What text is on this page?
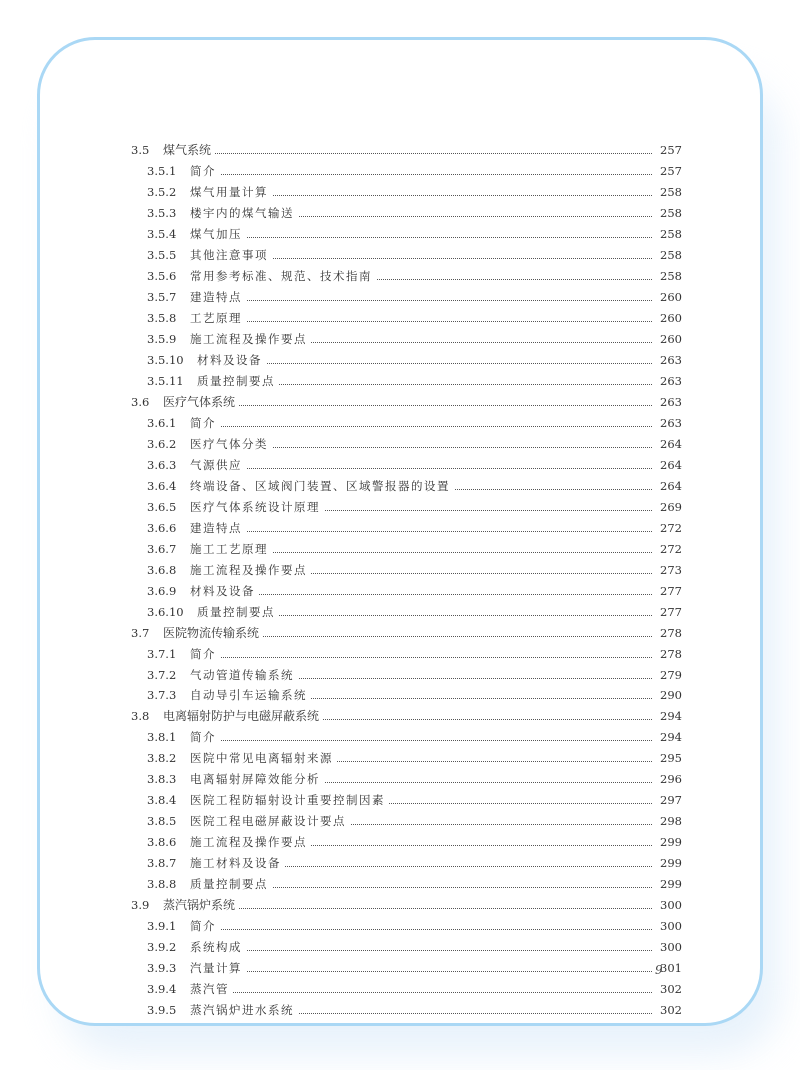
3.5 煤气系统	257
3.5.1 简介	257
3.5.2 煤气用量计算	258
3.5.3 楼宇内的煤气输送	258
3.5.4 煤气加压	258
3.5.5 其他注意事项	258
3.5.6 常用参考标准、规范、技术指南	258
3.5.7 建造特点	260
3.5.8 工艺原理	260
3.5.9 施工流程及操作要点	260
3.5.10 材料及设备	263
3.5.11 质量控制要点	263
3.6 医疗气体系统	263
3.6.1 简介	263
3.6.2 医疗气体分类	264
3.6.3 气源供应	264
3.6.4 终端设备、区域阀门装置、区域警报器的设置	264
3.6.5 医疗气体系统设计原理	269
3.6.6 建造特点	272
3.6.7 施工工艺原理	272
3.6.8 施工流程及操作要点	273
3.6.9 材料及设备	277
3.6.10 质量控制要点	277
3.7 医院物流传输系统	278
3.7.1 简介	278
3.7.2 气动管道传输系统	279
3.7.3 自动导引车运输系统	290
3.8 电离辐射防护与电磁屏蔽系统	294
3.8.1 简介	294
3.8.2 医院中常见电离辐射来源	295
3.8.3 电离辐射屏障效能分析	296
3.8.4 医院工程防辐射设计重要控制因素	297
3.8.5 医院工程电磁屏蔽设计要点	298
3.8.6 施工流程及操作要点	299
3.8.7 施工材料及设备	299
3.8.8 质量控制要点	299
3.9 蒸汽锅炉系统	300
3.9.1 简介	300
3.9.2 系统构成	300
3.9.3 汽量计算	301
3.9.4 蒸汽管	302
3.9.5 蒸汽锅炉进水系统	302
9
